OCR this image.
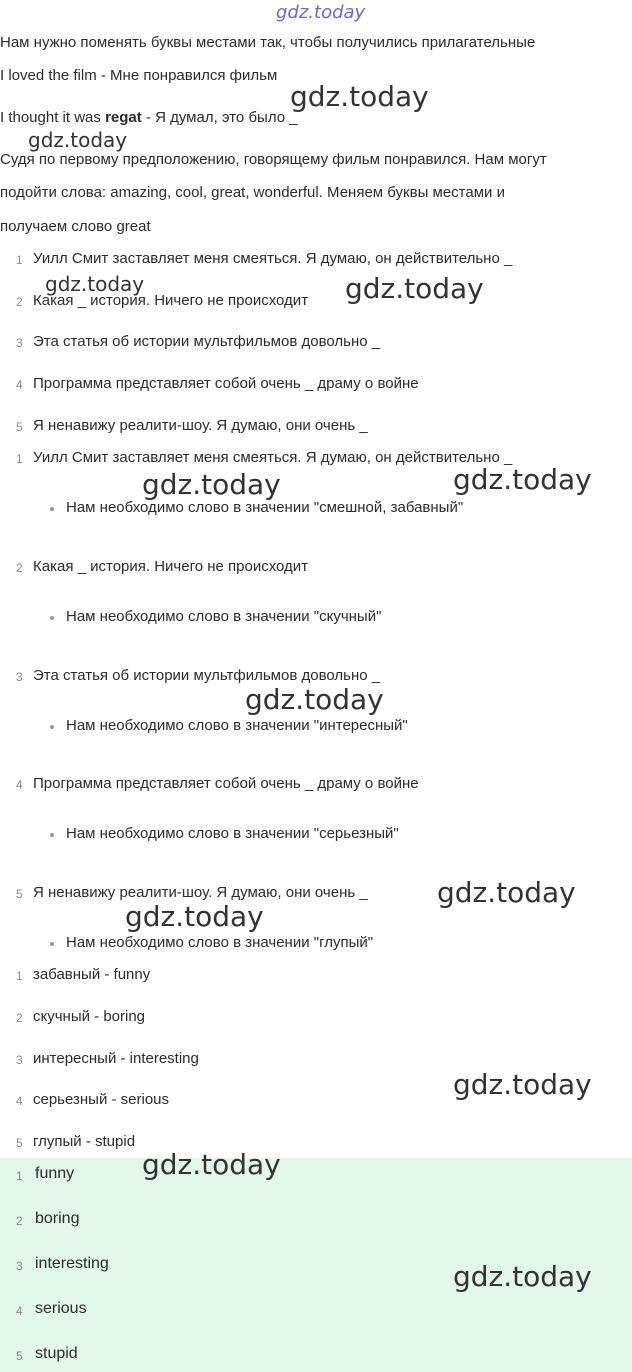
gdz.today
Нам нужно поменять буквы местами так, чтобы получились прилагательные
I loved the film - Мне понравился фильм
I thought it was regat - Я думал, это было _
Судя по первому предположению, говорящему фильм понравился. Нам могут
подойти слова: amazing, cool, great, wonderful. Меняем буквы местами и
получаем слово great
1 Уилл Смит заставляет меня смеяться. Я думаю, он действительно _
2 Какая _ история. Ничего не происходит
3 Эта статья об истории мультфильмов довольно _
4 Программа представляет собой очень _ драму о войне
5 Я ненавижу реалити-шоу. Я думаю, они очень _
1 Уилл Смит заставляет меня смеяться. Я думаю, он действительно _
Нам необходимо слово в значении "смешной, забавный"
2 Какая _ история. Ничего не происходит
Нам необходимо слово в значении "скучный"
3 Эта статья об истории мультфильмов довольно _
Нам необходимо слово в значении "интересный"
4 Программа представляет собой очень _ драму о войне
Нам необходимо слово в значении "серьезный"
5 Я ненавижу реалити-шоу. Я думаю, они очень _
Нам необходимо слово в значении "глупый"
1 забавный - funny
2 скучный - boring
3 интересный - interesting
4 серьезный - serious
5 глупый - stupid
1 funny
2 boring
3 interesting
4 serious
5 stupid
gdz.today
gdz.today
gdz.today	gdz.today
gdz.today	gdz.today
gdz.today
gdz.today
gdz.today
gdz.today
gdz.today
gdz.today
